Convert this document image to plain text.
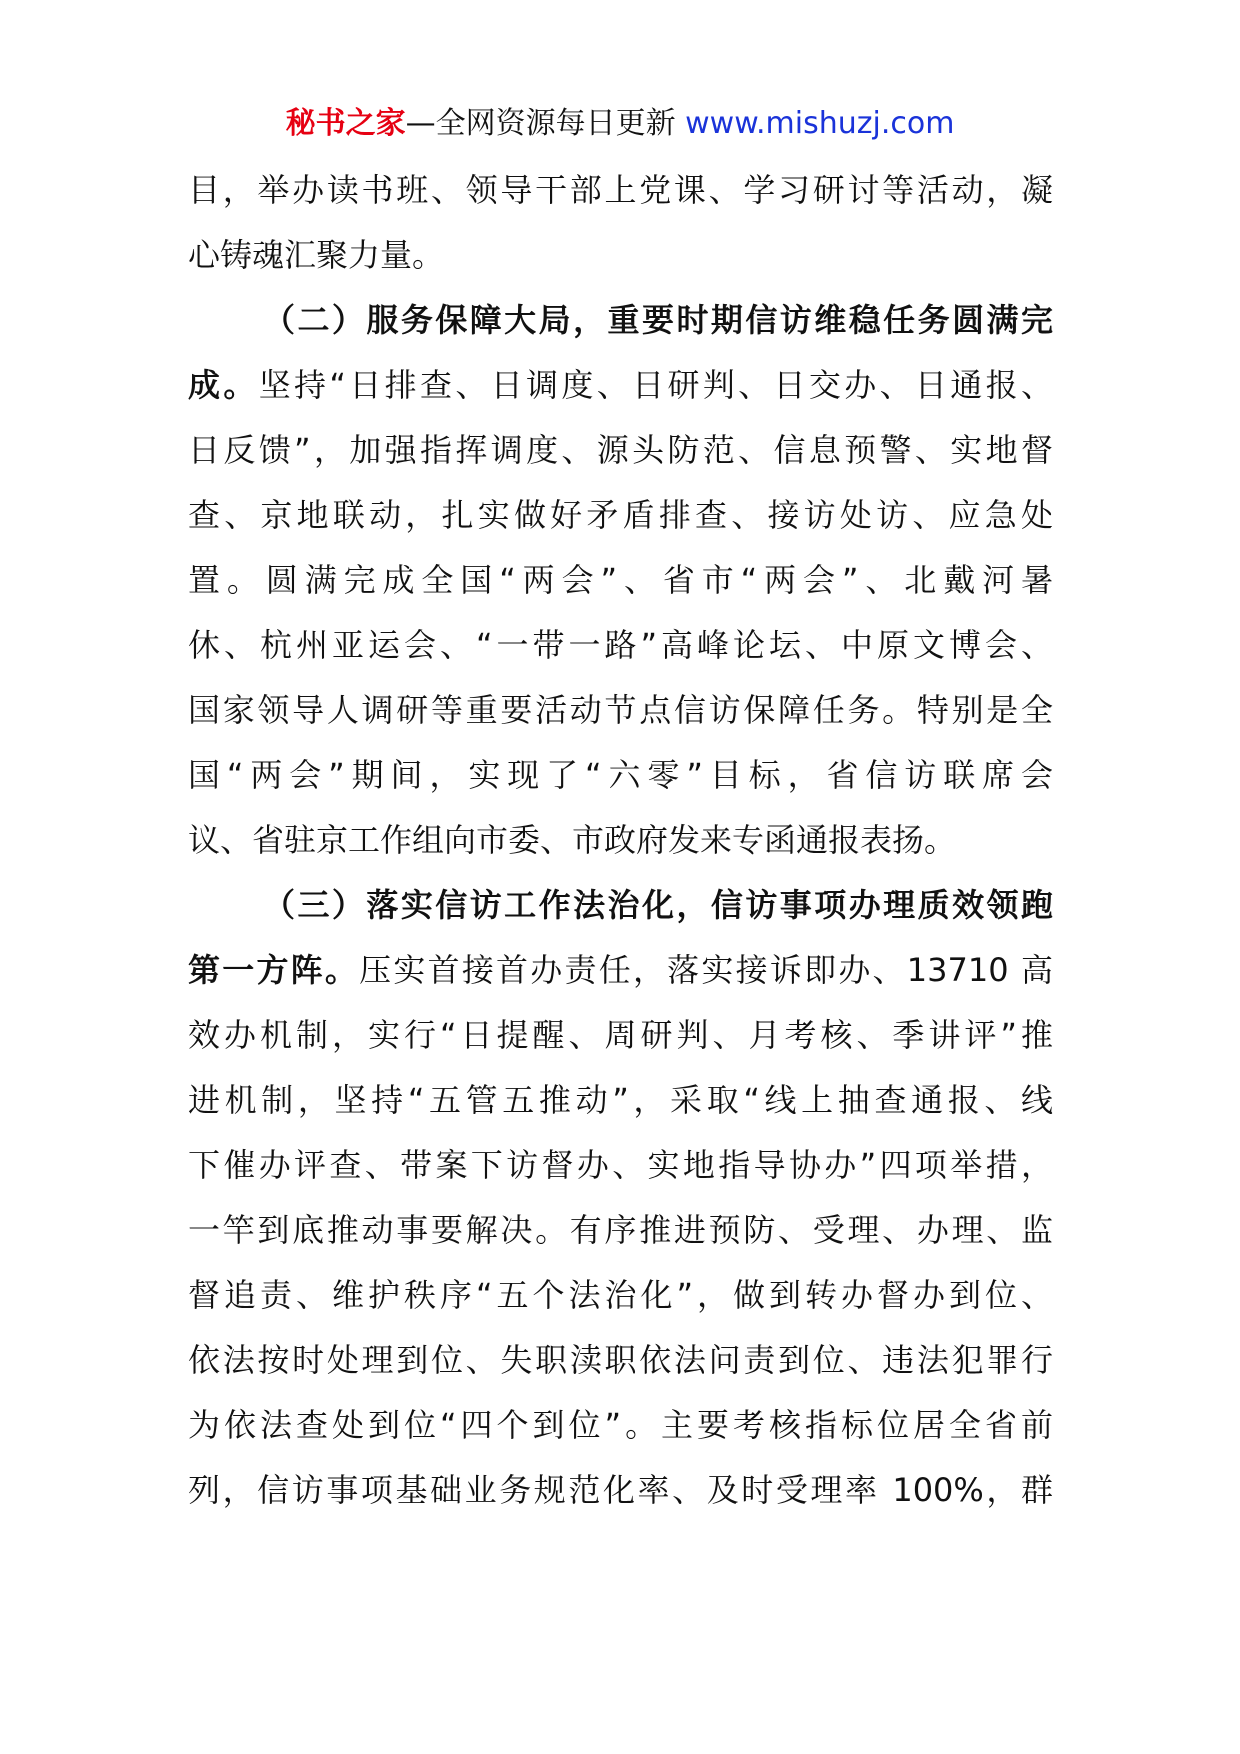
秘书之家—全网资源每日更新 www.mishuzj.com
目，举办读书班、领导干部上党课、学习研讨等活动，凝
心铸魂汇聚力量。
（二）服务保障大局，重要时期信访维稳任务圆满完
成。坚持“日排查、日调度、日研判、日交办、日通报、
日反馈”，加强指挥调度、源头防范、信息预警、实地督
查、京地联动，扎实做好矛盾排查、接访处访、应急处
置。圆满完成全国“两会”、省市“两会”、北戴河暑
休、杭州亚运会、“一带一路”高峰论坛、中原文博会、
国家领导人调研等重要活动节点信访保障任务。特别是全
国“两会”期间，实现了“六零”目标，省信访联席会
议、省驻京工作组向市委、市政府发来专函通报表扬。
（三）落实信访工作法治化，信访事项办理质效领跑
第一方阵。压实首接首办责任，落实接诉即办、13710 高
效办机制，实行“日提醒、周研判、月考核、季讲评”推
进机制，坚持“五管五推动”，采取“线上抽查通报、线
下催办评查、带案下访督办、实地指导协办”四项举措，
一竿到底推动事要解决。有序推进预防、受理、办理、监
督追责、维护秩序“五个法治化”，做到转办督办到位、
依法按时处理到位、失职渎职依法问责到位、违法犯罪行
为依法查处到位“四个到位”。主要考核指标位居全省前
列，信访事项基础业务规范化率、及时受理率 100%，群
